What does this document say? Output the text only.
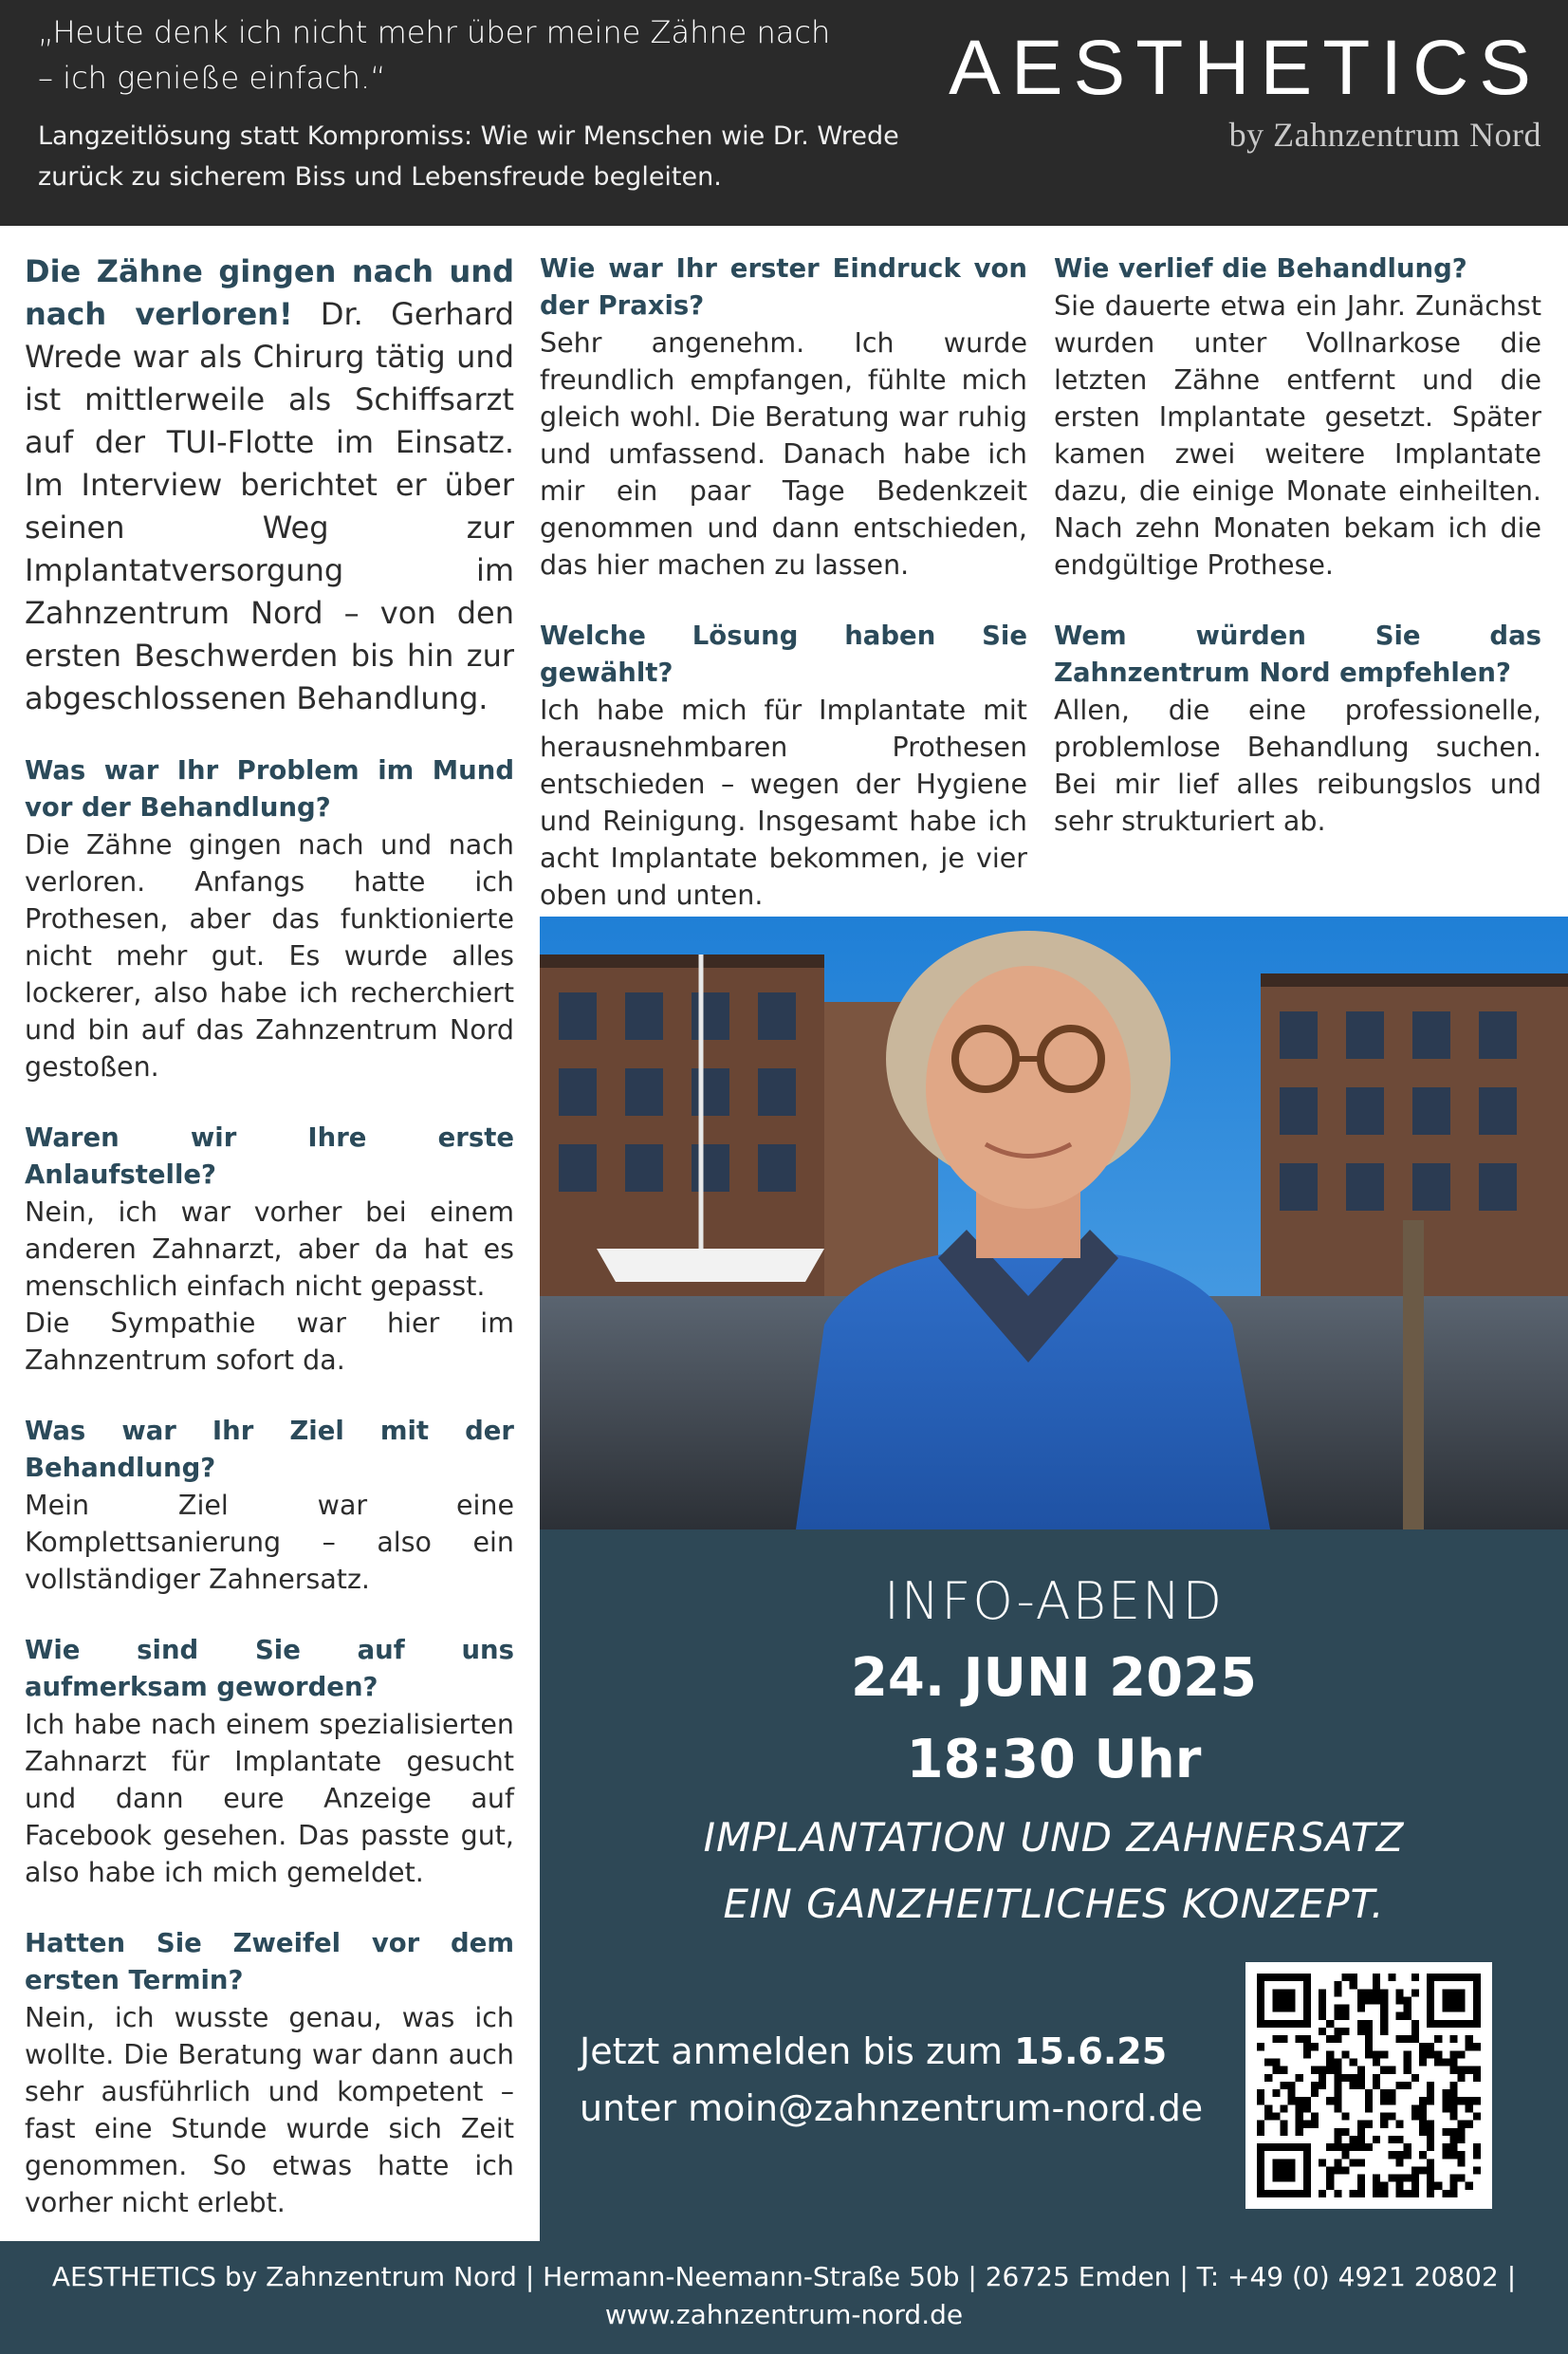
„Heute denk ich nicht mehr über meine Zähne nach
– ich genieße einfach.“
Langzeitlösung statt Kompromiss: Wie wir Menschen wie Dr. Wrede
zurück zu sicherem Biss und Lebensfreude begleiten.
AESTHETICS
by Zahnzentrum Nord

Die Zähne gingen nach und nach verloren! Dr. Gerhard Wrede war als Chirurg tätig und ist mittlerweile als Schiffsarzt auf der TUI-Flotte im Einsatz. Im Interview berichtet er über seinen Weg zur Implantatversorgung im Zahnzentrum Nord – von den ersten Beschwerden bis hin zur abgeschlossenen Behandlung.

Was war Ihr Problem im Mund vor der Behandlung?
Die Zähne gingen nach und nach verloren. Anfangs hatte ich Prothesen, aber das funktionierte nicht mehr gut. Es wurde alles lockerer, also habe ich recherchiert und bin auf das Zahnzentrum Nord gestoßen.
Waren wir Ihre erste Anlaufstelle?
Nein, ich war vorher bei einem anderen Zahnarzt, aber da hat es menschlich einfach nicht gepasst.
Die Sympathie war hier im Zahnzentrum sofort da.
Was war Ihr Ziel mit der Behandlung?
Mein Ziel war eine Komplettsanierung – also ein vollständiger Zahnersatz.
Wie sind Sie auf uns aufmerksam geworden?
Ich habe nach einem spezialisierten Zahnarzt für Implantate gesucht und dann eure Anzeige auf Facebook gesehen. Das passte gut, also habe ich mich gemeldet.
Hatten Sie Zweifel vor dem ersten Termin?
Nein, ich wusste genau, was ich wollte. Die Beratung war dann auch sehr ausführlich und kompetent – fast eine Stunde wurde sich Zeit genommen. So etwas hatte ich vorher nicht erlebt.
Wie war Ihr erster Eindruck von der Praxis?
Sehr angenehm. Ich wurde freundlich empfangen, fühlte mich gleich wohl. Die Beratung war ruhig und umfassend. Danach habe ich mir ein paar Tage Bedenkzeit genommen und dann entschieden, das hier machen zu lassen.
Welche Lösung haben Sie gewählt?
Ich habe mich für Implantate mit herausnehmbaren Prothesen entschieden – wegen der Hygiene und Reinigung. Insgesamt habe ich acht Implantate bekommen, je vier oben und unten.
Wie verlief die Behandlung?
Sie dauerte etwa ein Jahr. Zunächst wurden unter Vollnarkose die letzten Zähne entfernt und die ersten Implantate gesetzt. Später kamen zwei weitere Implantate dazu, die einige Monate einheilten. Nach zehn Monaten bekam ich die endgültige Prothese.
Wem würden Sie das Zahnzentrum Nord empfehlen?
Allen, die eine professionelle, problemlose Behandlung suchen. Bei mir lief alles reibungslos und sehr strukturiert ab.
INFO-ABEND
24. JUNI 2025
18:30 Uhr
IMPLANTATION UND ZAHNERSATZ
EIN GANZHEITLICHES KONZEPT.
Jetzt anmelden bis zum 15.6.25
unter moin@zahnzentrum-nord.de
AESTHETICS by Zahnzentrum Nord | Hermann-Neemann-Straße 50b | 26725 Emden | T: +49 (0) 4921 20802 |
www.zahnzentrum-nord.de
